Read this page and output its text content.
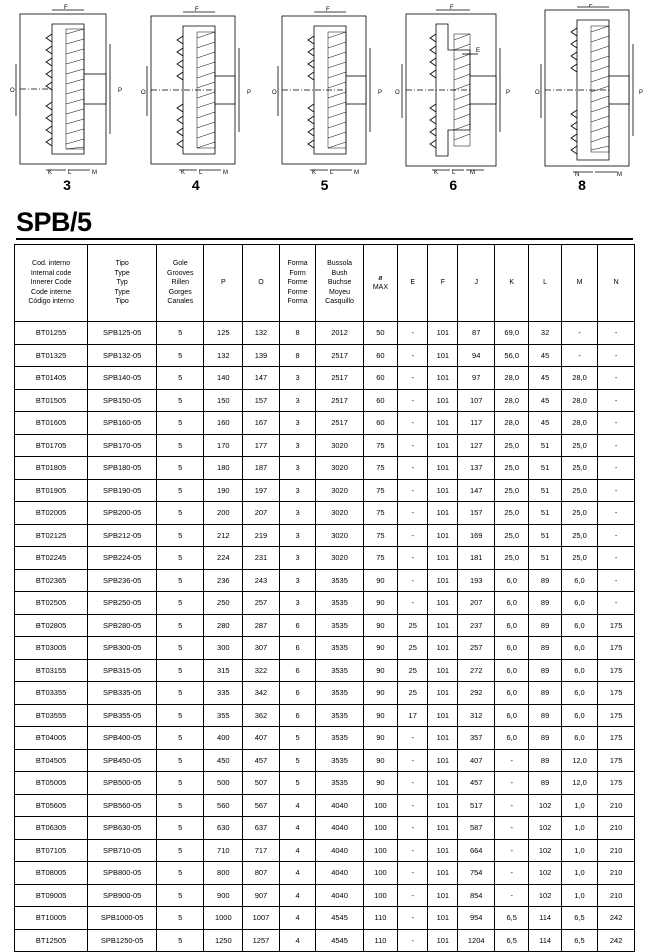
F
O	P
K	L	M
3
F
O	P
K L	M
4
F
O	P
K L	M
5
F
O	P
K L M
E
6
F
O	P
N	M
8
SPB/5
Cod. interno
Internal code
Innerer Code
Code interne
Código interno	Tipo
Type
Typ
Type
Tipo	Gole
Grooves
Rillen
Gorges
Canales	P	O	Forma
Form
Forme
Forme
Forma	Bussola
Bush
Buchse
Moyeu
Casquillo	ø
MAX	E	F	J	K	L	M	N
BT01255	SPB125-05	5	125	132	8	2012	50	-	101	87	69,0	32	-	-
BT01325	SPB132-05	5	132	139	8	2517	60	-	101	94	56,0	45	-	-
BT01405	SPB140-05	5	140	147	3	2517	60	-	101	97	28,0	45	28,0	-
BT01505	SPB150-05	5	150	157	3	2517	60	-	101	107	28,0	45	28,0	-
BT01605	SPB160-05	5	160	167	3	2517	60	-	101	117	28,0	45	28,0	-
BT01705	SPB170-05	5	170	177	3	3020	75	-	101	127	25,0	51	25,0	-
BT01805	SPB180-05	5	180	187	3	3020	75	-	101	137	25,0	51	25,0	-
BT01905	SPB190-05	5	190	197	3	3020	75	-	101	147	25,0	51	25,0	-
BT02005	SPB200-05	5	200	207	3	3020	75	-	101	157	25,0	51	25,0	-
BT02125	SPB212-05	5	212	219	3	3020	75	-	101	169	25,0	51	25,0	-
BT02245	SPB224-05	5	224	231	3	3020	75	-	101	181	25,0	51	25,0	-
BT02365	SPB236-05	5	236	243	3	3535	90	-	101	193	6,0	89	6,0	-
BT02505	SPB250-05	5	250	257	3	3535	90	-	101	207	6,0	89	6,0	-
BT02805	SPB280-05	5	280	287	6	3535	90	25	101	237	6,0	89	6,0	175
BT03005	SPB300-05	5	300	307	6	3535	90	25	101	257	6,0	89	6,0	175
BT03155	SPB315-05	5	315	322	6	3535	90	25	101	272	6,0	89	6,0	175
BT03355	SPB335-05	5	335	342	6	3535	90	25	101	292	6,0	89	6,0	175
BT03555	SPB355-05	5	355	362	6	3535	90	17	101	312	6,0	89	6,0	175
BT04005	SPB400-05	5	400	407	5	3535	90	-	101	357	6,0	89	6,0	175
BT04505	SPB450-05	5	450	457	5	3535	90	-	101	407	-	89	12,0	175
BT05005	SPB500-05	5	500	507	5	3535	90	-	101	457	-	89	12,0	175
BT05605	SPB560-05	5	560	567	4	4040	100	-	101	517	-	102	1,0	210
BT06305	SPB630-05	5	630	637	4	4040	100	-	101	587	-	102	1,0	210
BT07105	SPB710-05	5	710	717	4	4040	100	-	101	664	-	102	1,0	210
BT08005	SPB800-05	5	800	807	4	4040	100	-	101	754	-	102	1,0	210
BT09005	SPB900-05	5	900	907	4	4040	100	-	101	854	-	102	1,0	210
BT10005	SPB1000-05	5	1000	1007	4	4545	110	-	101	954	6,5	114	6,5	242
BT12505	SPB1250-05	5	1250	1257	4	4545	110	-	101	1204	6,5	114	6,5	242
